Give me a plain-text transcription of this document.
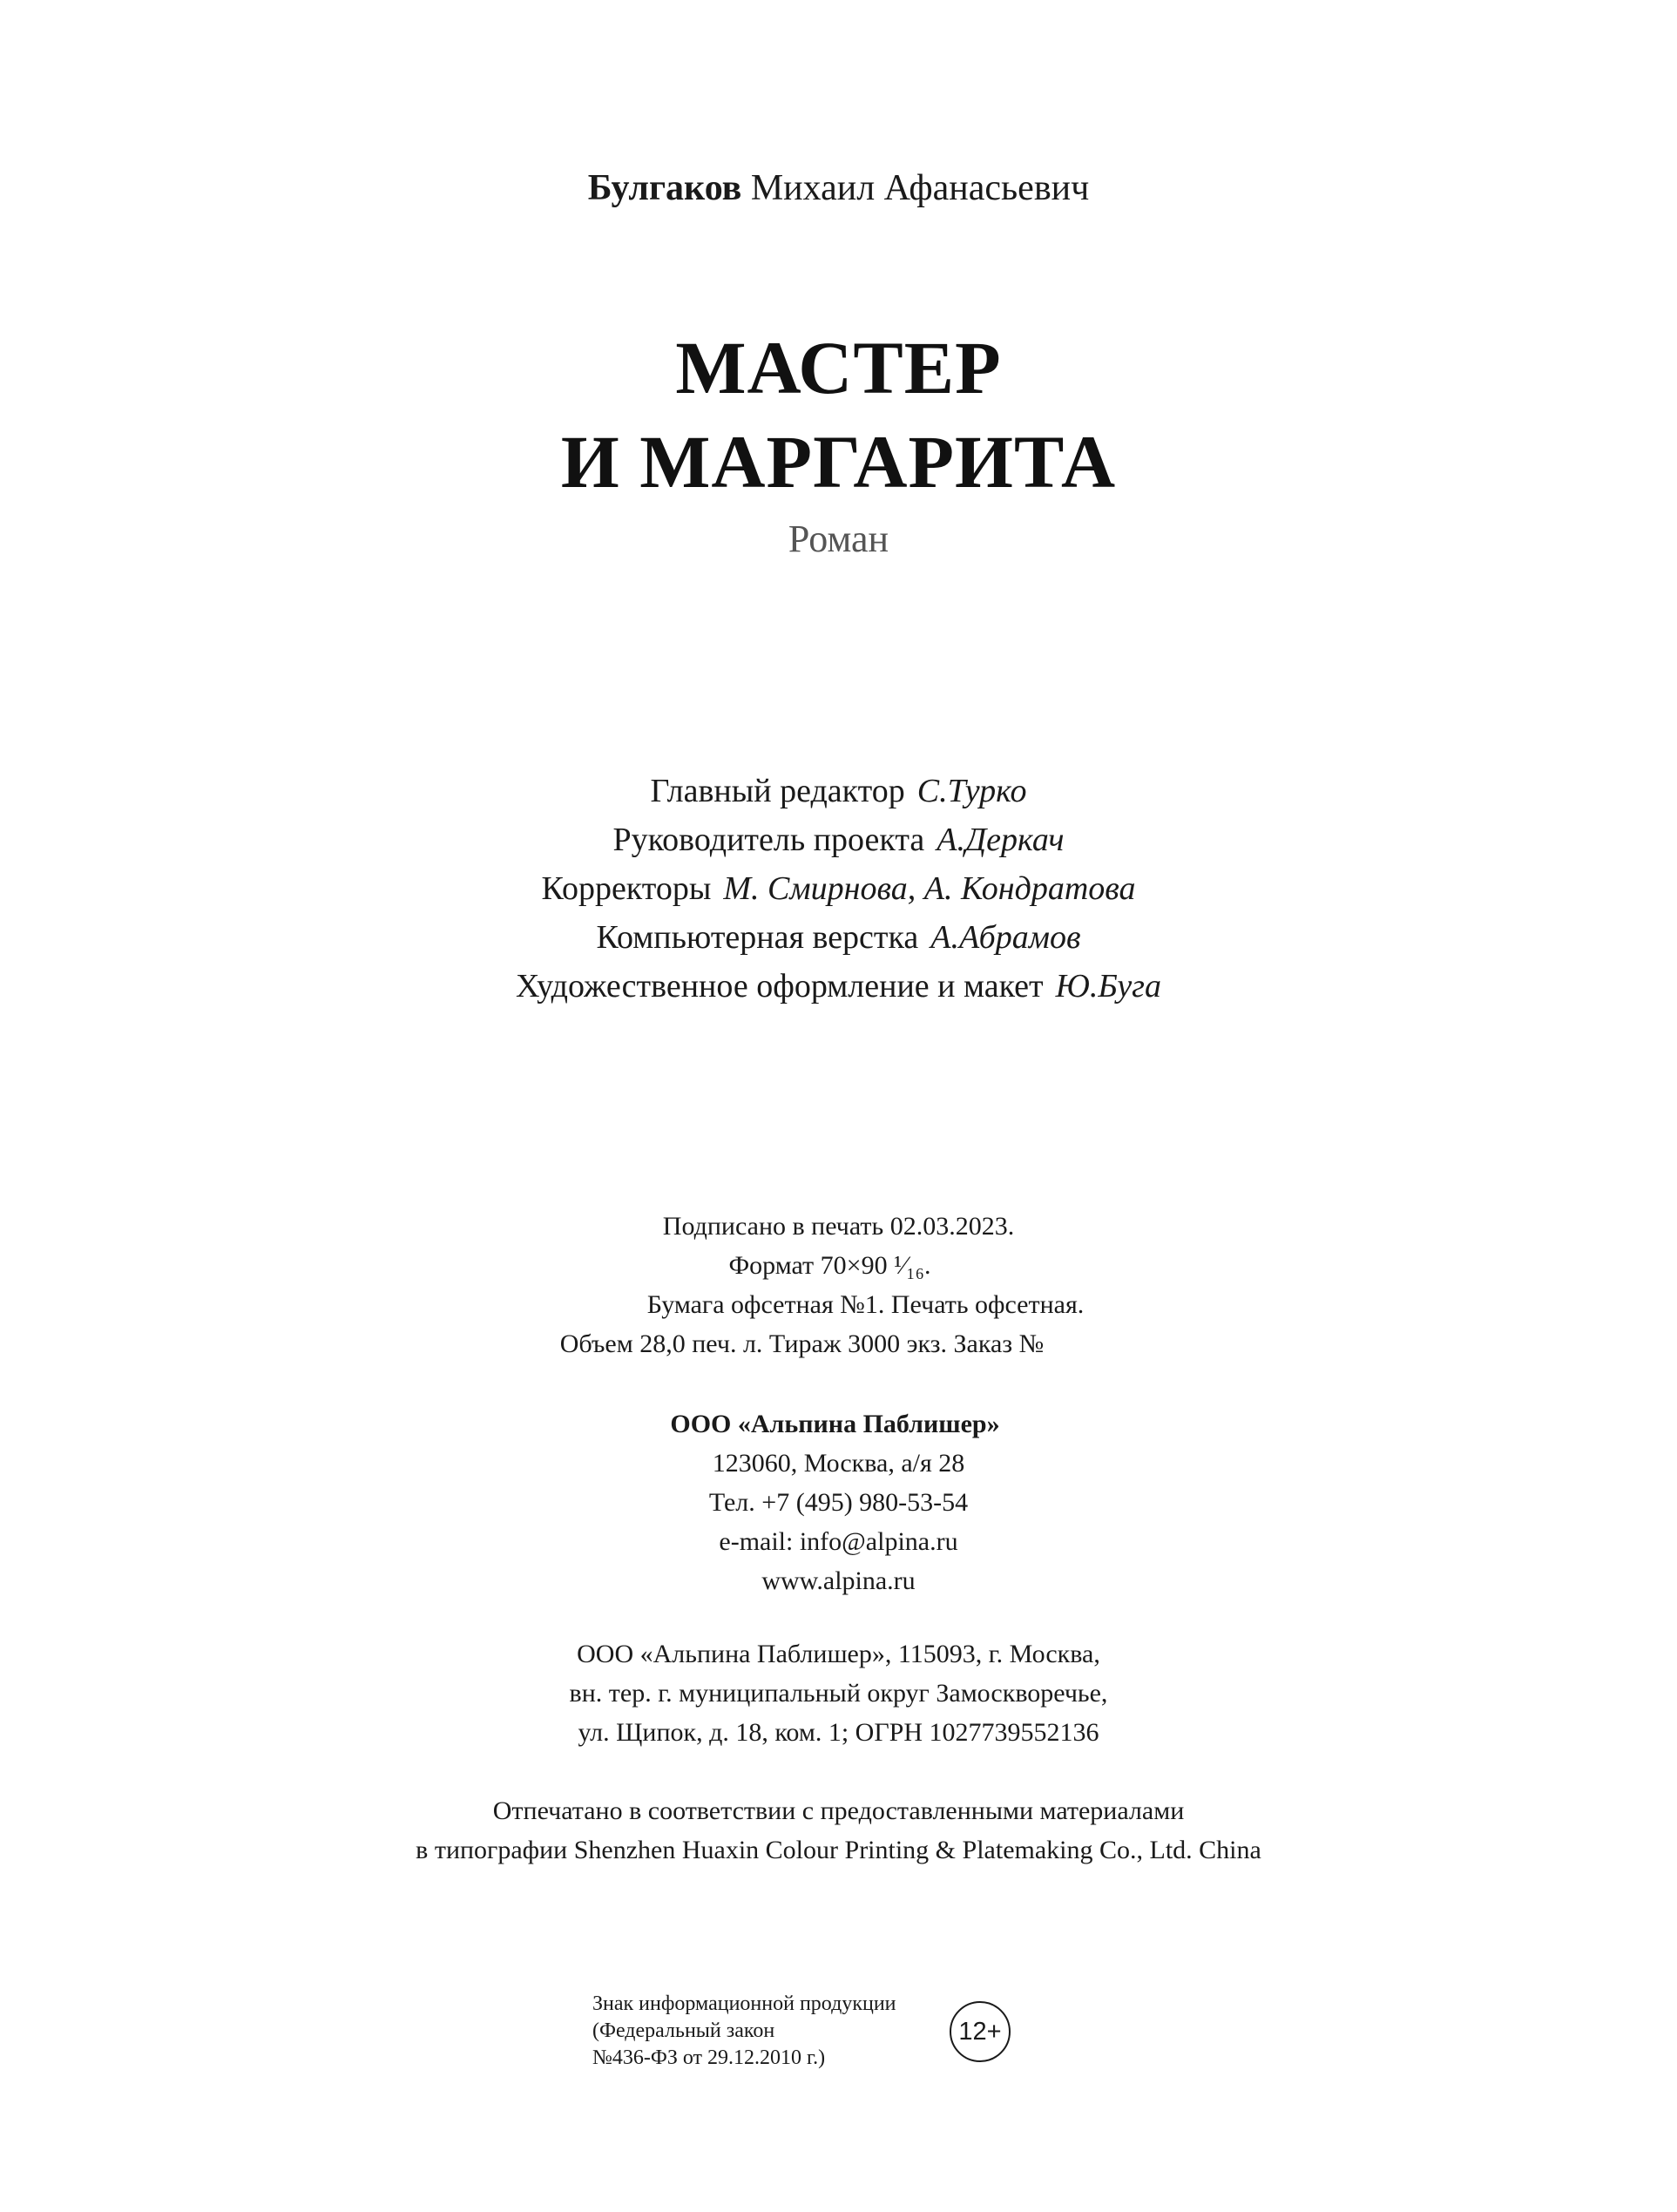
Булгаков Михаил Афанасьевич
МАСТЕР
И МАРГАРИТА
Роман
Главный редактор С.Турко
Руководитель проекта А.Деркач
Корректоры М. Смирнова, А. Кондратова
Компьютерная верстка А.Абрамов
Художественное оформление и макет Ю.Буга
Подписано в печать 02.03.2023.
Формат 70×90 ¹⁄₁₆.
Бумага офсетная №1. Печать офсетная.
Объем 28,0 печ. л. Тираж 3000 экз. Заказ №
ООО «Альпина Паблишер»
123060, Москва, а/я 28
Тел. +7 (495) 980-53-54
e-mail: info@alpina.ru
www.alpina.ru
ООО «Альпина Паблишер», 115093, г. Москва,
вн. тер. г. муниципальный округ Замоскворечье,
ул. Щипок, д. 18, ком. 1; ОГРН 1027739552136
Отпечатано в соответствии с предоставленными материалами
в типографии Shenzhen Huaxin Colour Printing & Platemaking Co., Ltd. China
Знак информационной продукции
(Федеральный закон
№436-ФЗ от 29.12.2010 г.)
12+
